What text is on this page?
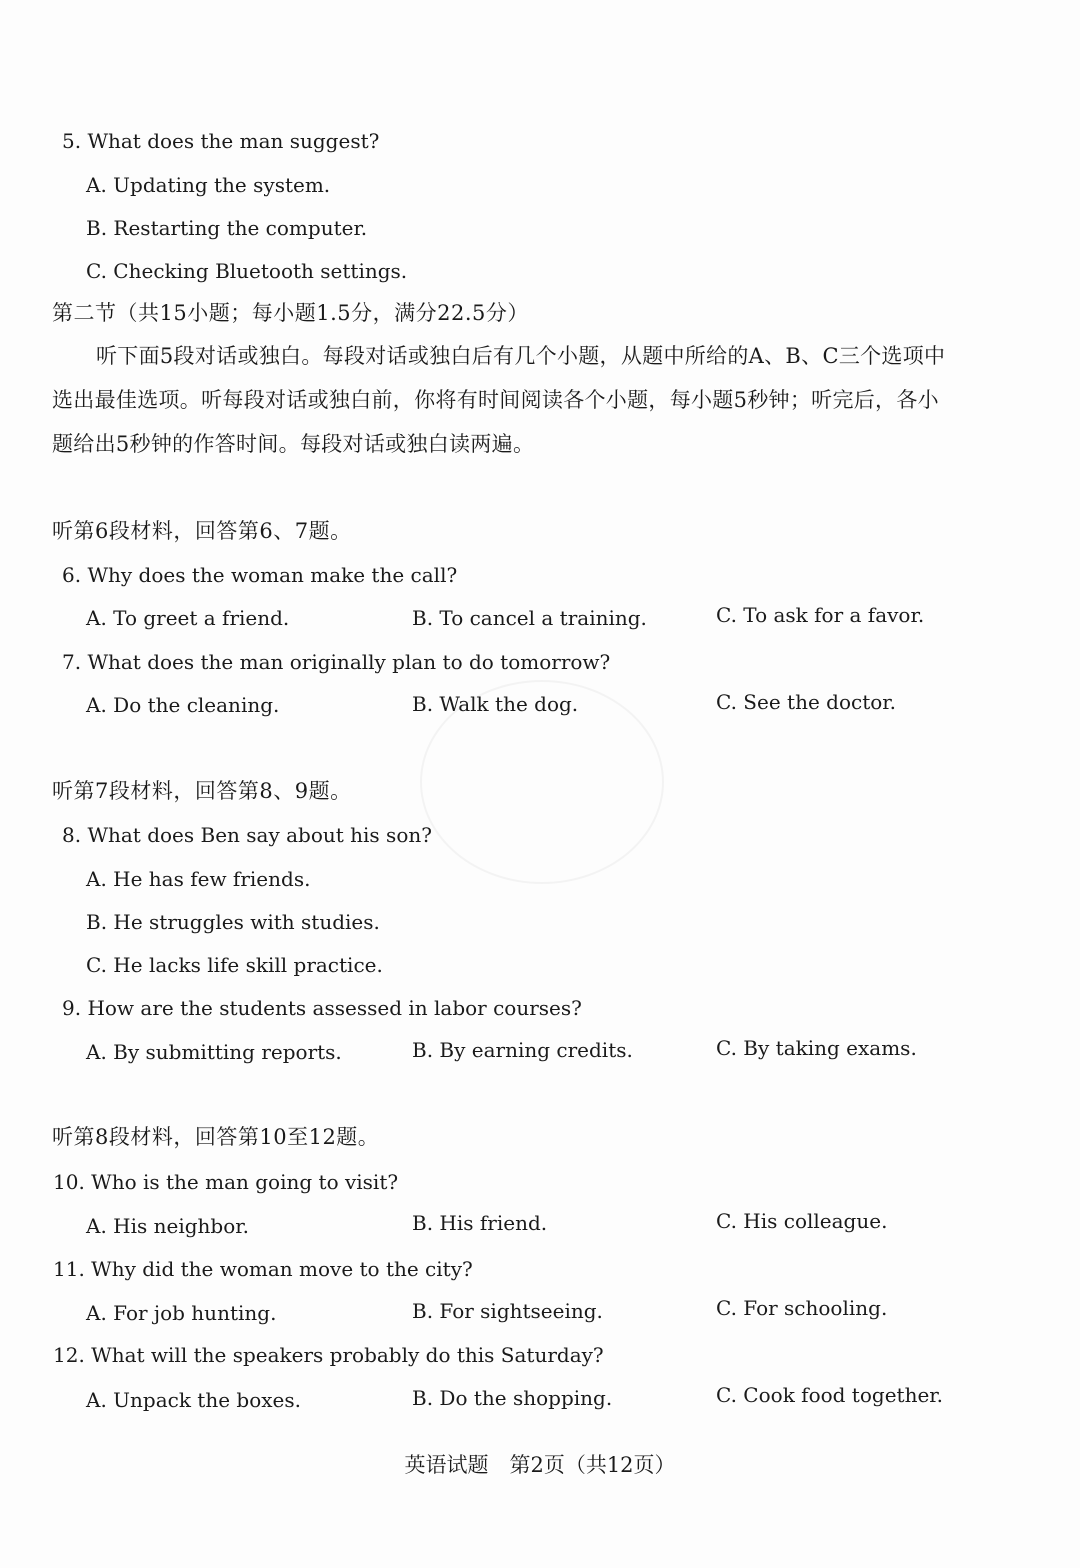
5. What does the man suggest?
A. Updating the system.
B. Restarting the computer.
C. Checking Bluetooth settings.
第二节（共15小题；每小题1.5分，满分22.5分）
听下面5段对话或独白。每段对话或独白后有几个小题，从题中所给的A、B、C三个选项中选出最佳选项。听每段对话或独白前，你将有时间阅读各个小题，每小题5秒钟；听完后，各小题给出5秒钟的作答时间。每段对话或独白读两遍。
听第6段材料，回答第6、7题。
6. Why does the woman make the call?
A. To greet a friend.	B. To cancel a training.	C. To ask for a favor.
7. What does the man originally plan to do tomorrow?
A. Do the cleaning.	B. Walk the dog.	C. See the doctor.
听第7段材料，回答第8、9题。
8. What does Ben say about his son?
A. He has few friends.
B. He struggles with studies.
C. He lacks life skill practice.
9. How are the students assessed in labor courses?
A. By submitting reports.	B. By earning credits.	C. By taking exams.
听第8段材料，回答第10至12题。
10. Who is the man going to visit?
A. His neighbor.	B. His friend.	C. His colleague.
11. Why did the woman move to the city?
A. For job hunting.	B. For sightseeing.	C. For schooling.
12. What will the speakers probably do this Saturday?
A. Unpack the boxes.	B. Do the shopping.	C. Cook food together.
英语试题　第2页（共12页）
